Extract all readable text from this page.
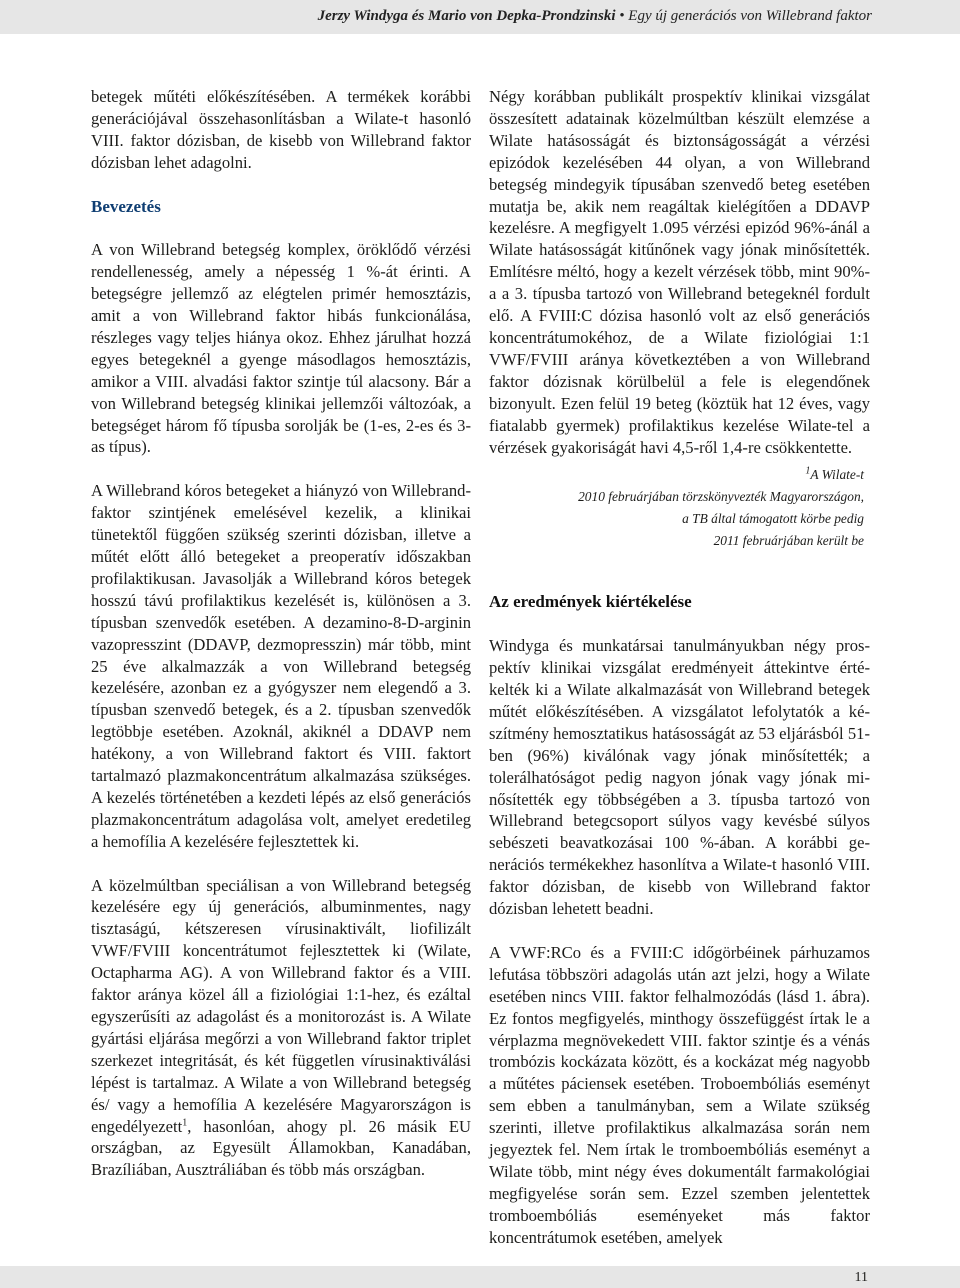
Jerzy Windyga és Mario von Depka-Prondzinski • Egy új generációs von Willebrand faktor

betegek műtéti előkészítésében. A termékek korábbi generációjával összehasonlításban a Wilate-t hasonló VIII. faktor dózisban, de kisebb von Willebrand faktor dózisban lehet adagolni.

Bevezetés

A von Willebrand betegség komplex, öröklődő vérzési rendellenesség, amely a népesség 1 %-át érinti. A betegségre jellemző az elégtelen primér hemosztázis, amit a von Willebrand faktor hibás funkcionálása, részleges vagy teljes hiánya okoz. Ehhez járulhat hozzá egyes betegeknél a gyenge másodlagos hemosztázis, amikor a VIII. alvadási faktor szintje túl alacsony. Bár a von Willebrand betegség klinikai jellemzői változóak, a betegséget három fő típusba sorolják be (1-es, 2-es és 3-as típus).

A Willebrand kóros betegeket a hiányzó von Willebrand-faktor szintjének emelésével kezelik, a klinikai tünetektől függően szükség szerinti dózisban, illetve a műtét előtt álló betegeket a preoperatív időszakban profilaktikusan. Javasolják a Willebrand kóros betegek hosszú távú profilaktikus kezelését is, különösen a 3. típusban szenvedők esetében. A dezamino-8-D-arginin vazopresszint (DDAVP, dezmopresszin) már több, mint 25 éve alkalmazzák a von Willebrand betegség kezelésére, azonban ez a gyógyszer nem elegendő a 3. típusban szenvedő betegek, és a 2. típusban szenvedők legtöbbje esetében. Azoknál, akiknél a DDAVP nem hatékony, a von Willebrand faktort és VIII. faktort tartalmazó plazmakoncentrátum alkalmazása szükséges. A kezelés történetében a kezdeti lépés az első generációs plazmakoncentrátum adagolása volt, amelyet eredetileg a hemofília A kezelésére fejlesztettek ki.

A közelmúltban speciálisan a von Willebrand betegség kezelésére egy új generációs, albuminmentes, nagy tisztaságú, kétszeresen vírusinaktivált, liofilizált VWF/FVIII koncentrátumot fejlesztettek ki (Wilate, Octapharma AG). A von Willebrand faktor és a VIII. faktor aránya közel áll a fiziológiai 1:1-hez, és ezáltal egyszerűsíti az adagolást és a monitorozást is. A Wilate gyártási eljárása megőrzi a von Willebrand faktor triplet szerkezet integritását, és két független vírusinaktiválási lépést is tartalmaz. A Wilate a von Willebrand betegség és/ vagy a hemofília A kezelésére Magyarországon is engedélyezett$^1$, hasonlóan, ahogy pl. 26 másik EU országban, az Egyesült Államokban, Kanadában, Brazíliában, Ausztráliában és több más országban.

Négy korábban publikált prospektív klinikai vizsgálat összesített adatainak közelmúltban készült elemzése a Wilate hatásosságát és biztonságosságát a vérzési epizódok kezelésében 44 olyan, a von Willebrand betegség mindegyik típusában szenvedő beteg esetében mutatja be, akik nem reagáltak kielégítően a DDAVP kezelésre. A megfigyelt 1.095 vérzési epizód 96%-ánál a Wilate hatásosságát kitűnőnek vagy jónak minősítették. Említésre méltó, hogy a kezelt vérzések több, mint 90%-a a 3. típusba tartozó von Willebrand betegeknél fordult elő. A FVIII:C dózisa hasonló volt az első generációs koncentrátumokéhoz, de a Wilate fiziológiai 1:1 VWF/FVIII aránya következtében a von Willebrand faktor dózisnak körülbelül a fele is elegendőnek bizonyult. Ezen felül 19 beteg (köztük hat 12 éves, vagy fiatalabb gyermek) profilaktikus kezelése Wilate-tel a vérzések gyakoriságát havi 4,5-ről 1,4-re csökkentette.

$^1$A Wilate-t
2010 februárjában törzskönyvezték Magyarországon,
a TB által támogatott körbe pedig
2011 februárjában került be
Az eredmények kiértékelése

Windyga és munkatársai tanulmányukban négy prospektív klinikai vizsgálat eredményeit áttekintve értékelték ki a Wilate alkalmazását von Willebrand betegek műtét előkészítésében. A vizsgálatot lefolytatók a készítmény hemosztatikus hatásosságát az 53 eljárásból 51-ben (96%) kiválónak vagy jónak minősítették; a tolerálhatóságot pedig nagyon jónak vagy jónak minősítették egy többségében a 3. típusba tartozó von Willebrand betegcsoport súlyos vagy kevésbé súlyos sebészeti beavatkozásai 100 %-ában. A korábbi generációs termékekhez hasonlítva a Wilate-t hasonló VIII. faktor dózisban, de kisebb von Willebrand faktor dózisban lehetett beadni.

A VWF:RCo és a FVIII:C időgörbéinek párhuzamos lefutása többszöri adagolás után azt jelzi, hogy a Wilate esetében nincs VIII. faktor felhalmozódás (lásd 1. ábra). Ez fontos megfigyelés, minthogy összefüggést írtak le a vérplazma megnövekedett VIII. faktor szintje és a vénás trombózis kockázata között, és a kockázat még nagyobb a műtétes páciensek esetében. Troboembóliás eseményt sem ebben a tanulmányban, sem a Wilate szükség szerinti, illetve profilaktikus alkalmazása során nem jegyeztek fel. Nem írtak le tromboembóliás eseményt a Wilate több, mint négy éves dokumentált farmakológiai megfigyelése során sem. Ezzel szemben jelentettek tromboembóliás eseményeket más faktor koncentrátumok esetében, amelyek

11
